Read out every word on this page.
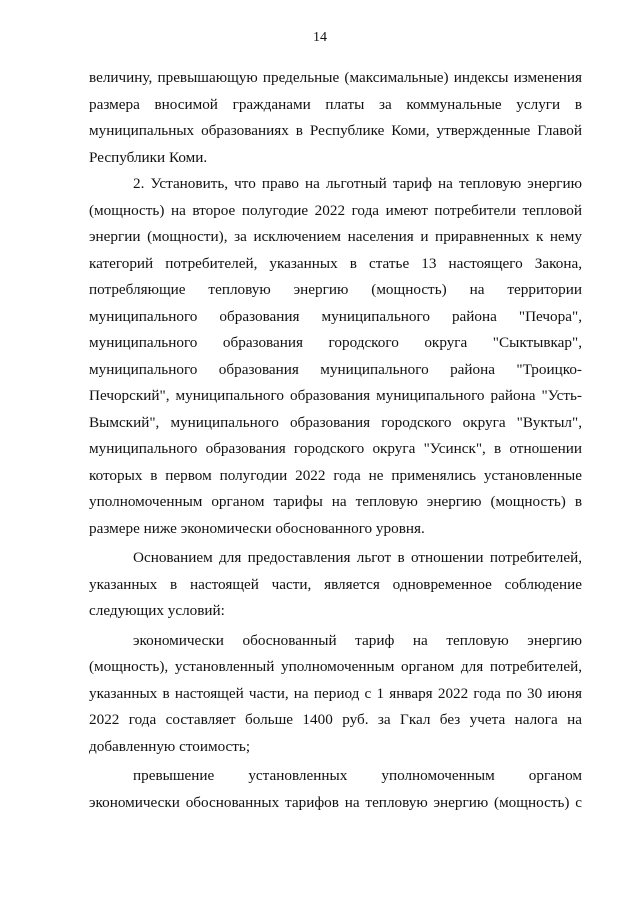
14
величину, превышающую предельные (максимальные) индексы изменения
размера вносимой гражданами платы за коммунальные услуги в
муниципальных образованиях в Республике Коми, утвержденные Главой
Республики Коми.
2. Установить, что право на льготный тариф на тепловую энергию
(мощность) на второе полугодие 2022 года имеют потребители тепловой
энергии (мощности), за исключением населения и приравненных к нему
категорий потребителей, указанных в статье 13 настоящего Закона,
потребляющие тепловую энергию (мощность) на территории
муниципального образования муниципального района "Печора",
муниципального образования городского округа "Сыктывкар",
муниципального образования муниципального района "Троицко-
Печорский", муниципального образования муниципального района "Усть-
Вымский", муниципального образования городского округа "Вуктыл",
муниципального образования городского округа "Усинск", в отношении
которых в первом полугодии 2022 года не применялись установленные
уполномоченным органом тарифы на тепловую энергию (мощность) в
размере ниже экономически обоснованного уровня.
Основанием для предоставления льгот в отношении потребителей,
указанных в настоящей части, является одновременное соблюдение
следующих условий:
экономически обоснованный тариф на тепловую энергию
(мощность), установленный уполномоченным органом для потребителей,
указанных в настоящей части, на период с 1 января 2022 года по 30 июня
2022 года составляет больше 1400 руб. за Гкал без учета налога на
добавленную стоимость;
превышение установленных уполномоченным органом
экономически обоснованных тарифов на тепловую энергию (мощность) с
